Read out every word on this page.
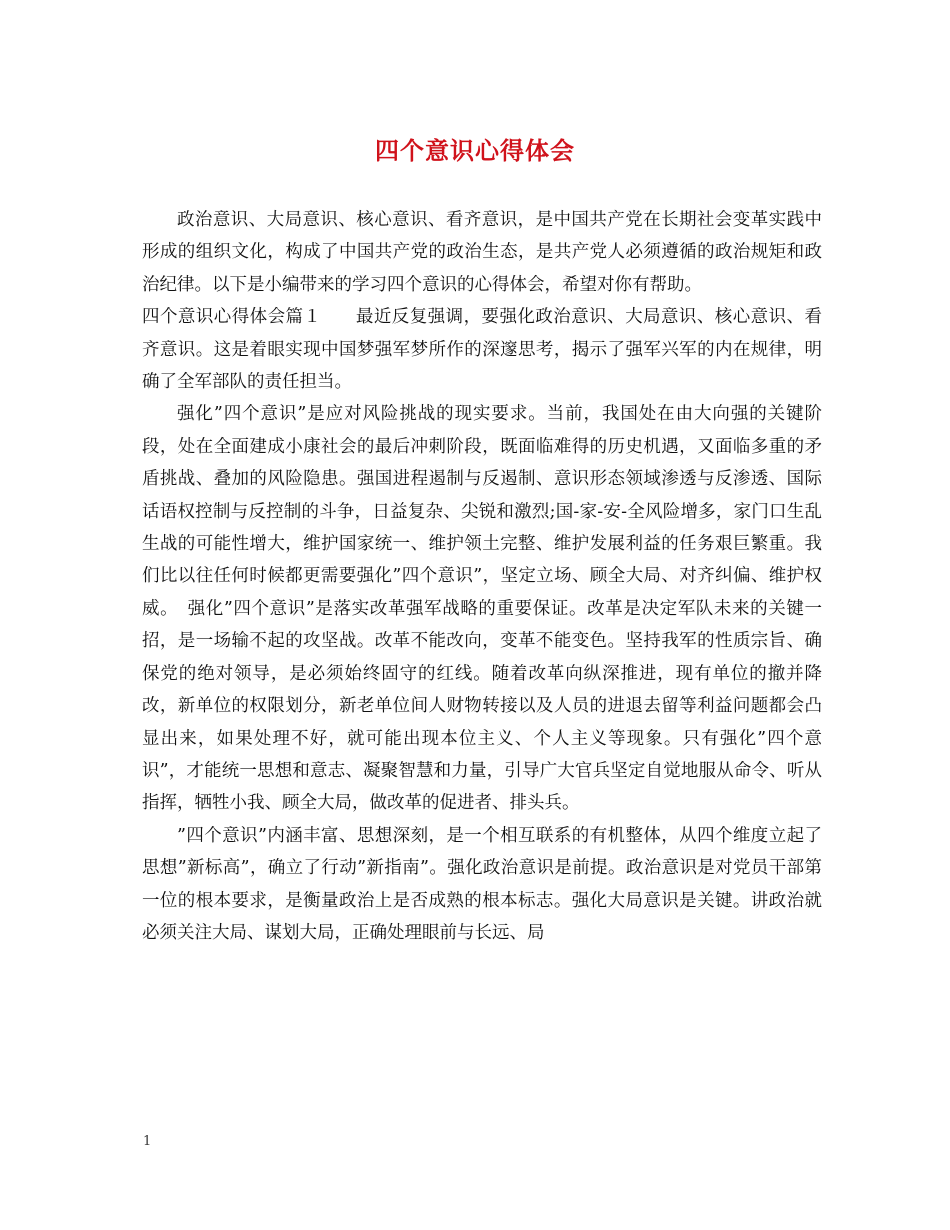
四个意识心得体会

政治意识、大局意识、核心意识、看齐意识，是中国共产党在长期社会变革实践中形成的组织文化，构成了中国共产党的政治生态，是共产党人必须遵循的政治规矩和政治纪律。以下是小编带来的学习四个意识的心得体会，希望对你有帮助。

四个意识心得体会篇１ 最近反复强调，要强化政治意识、大局意识、核心意识、看齐意识。这是着眼实现中国梦强军梦所作的深邃思考，揭示了强军兴军的内在规律，明确了全军部队的责任担当。

强化”四个意识”是应对风险挑战的现实要求。当前，我国处在由大向强的关键阶段，处在全面建成小康社会的最后冲刺阶段，既面临难得的历史机遇，又面临多重的矛盾挑战、叠加的风险隐患。强国进程遏制与反遏制、意识形态领域渗透与反渗透、国际话语权控制与反控制的斗争，日益复杂、尖锐和激烈;国-家-安-全风险增多，家门口生乱生战的可能性增大，维护国家统一、维护领土完整、维护发展利益的任务艰巨繁重。我们比以往任何时候都更需要强化”四个意识”，坚定立场、顾全大局、对齐纠偏、维护权威。　强化”四个意识”是落实改革强军战略的重要保证。改革是决定军队未来的关键一招，是一场输不起的攻坚战。改革不能改向，变革不能变色。坚持我军的性质宗旨、确保党的绝对领导，是必须始终固守的红线。随着改革向纵深推进，现有单位的撤并降改，新单位的权限划分，新老单位间人财物转接以及人员的进退去留等利益问题都会凸显出来，如果处理不好，就可能出现本位主义、个人主义等现象。只有强化”四个意识”，才能统一思想和意志、凝聚智慧和力量，引导广大官兵坚定自觉地服从命令、听从指挥，牺牲小我、顾全大局，做改革的促进者、排头兵。

”四个意识”内涵丰富、思想深刻，是一个相互联系的有机整体，从四个维度立起了思想”新标高”，确立了行动”新指南”。强化政治意识是前提。政治意识是对党员干部第一位的根本要求，是衡量政治上是否成熟的根本标志。强化大局意识是关键。讲政治就必须关注大局、谋划大局，正确处理眼前与长远、局

1
